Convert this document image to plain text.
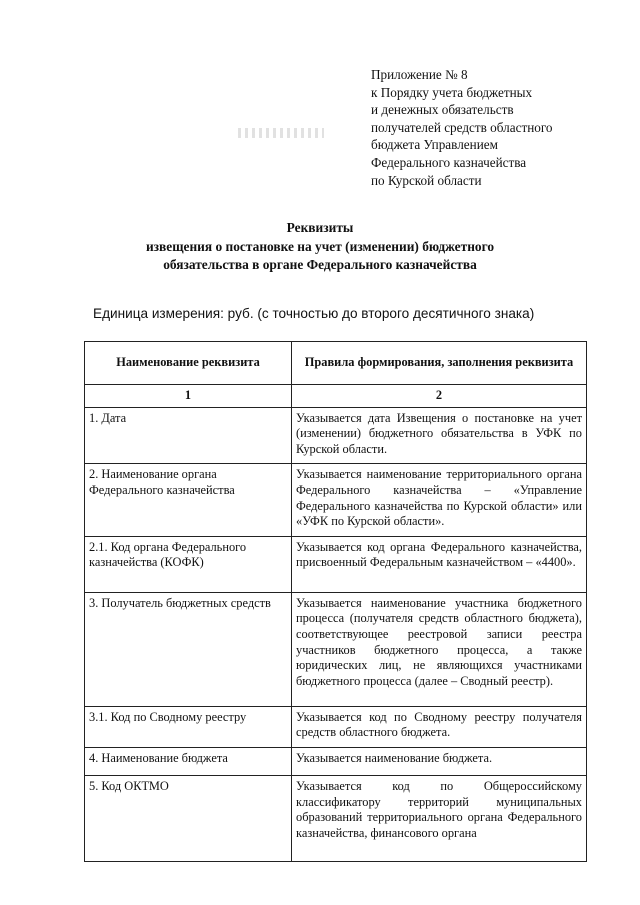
Приложение № 8
к Порядку учета бюджетных
и денежных обязательств
получателей средств областного
бюджета Управлением
Федерального казначейства
по Курской области
Реквизиты
извещения о постановке на учет (изменении) бюджетного
обязательства в органе Федерального казначейства
Единица измерения: руб. (с точностью до второго десятичного знака)
Наименование реквизита	Правила формирования, заполнения реквизита
1	2
1. Дата	Указывается дата Извещения о постановке на учет (изменении) бюджетного обязательства в УФК по Курской области.
2. Наименование органа Федерального казначейства	Указывается наименование территориального органа Федерального казначейства – «Управление Федерального казначейства по Курской области» или «УФК по Курской области».
2.1. Код органа Федерального казначейства (КОФК)	Указывается код органа Федерального казначейства, присвоенный Федеральным казначейством – «4400».
3. Получатель бюджетных средств	Указывается наименование участника бюджетного процесса (получателя средств областного бюджета), соответствующее реестровой записи реестра участников бюджетного процесса, а также юридических лиц, не являющихся участниками бюджетного процесса (далее – Сводный реестр).
3.1. Код по Сводному реестру	Указывается код по Сводному реестру получателя средств областного бюджета.
4. Наименование бюджета	Указывается наименование бюджета.
5. Код ОКТМО	Указывается код по Общероссийскому классификатору территорий муниципальных образований территориального органа Федерального казначейства, финансового органа
